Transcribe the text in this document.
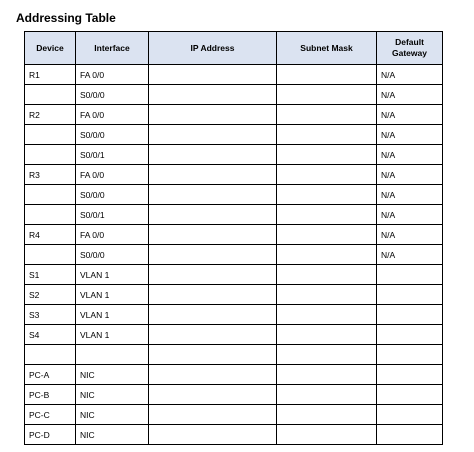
Addressing Table
Device	Interface	IP Address	Subnet Mask	Default Gateway
R1	FA 0/0			N/A
	S0/0/0			N/A
R2	FA 0/0			N/A
	S0/0/0			N/A
	S0/0/1			N/A
R3	FA 0/0			N/A
	S0/0/0			N/A
	S0/0/1			N/A
R4	FA 0/0			N/A
	S0/0/0			N/A
S1	VLAN 1			
S2	VLAN 1			
S3	VLAN 1			
S4	VLAN 1			

PC-A	NIC			
PC-B	NIC			
PC-C	NIC			
PC-D	NIC			
